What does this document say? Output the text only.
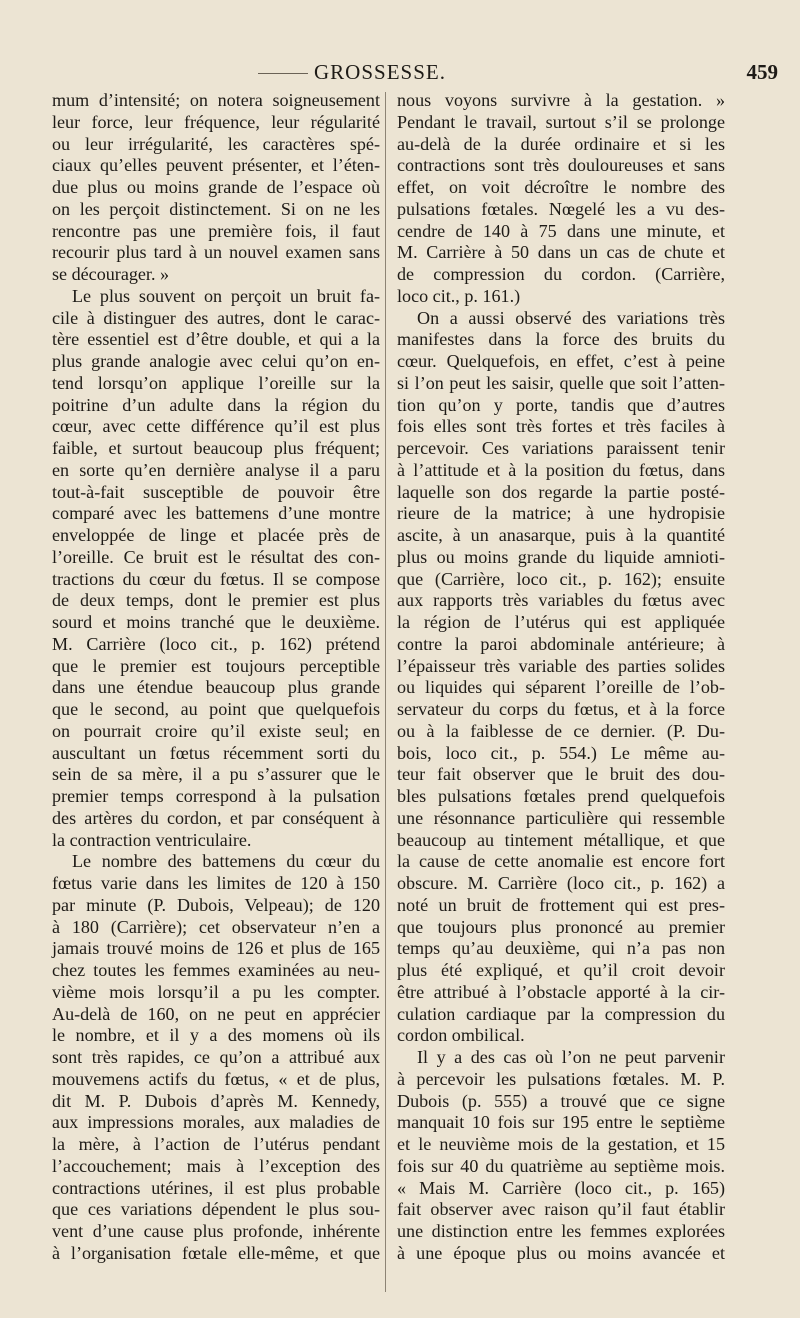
GROSSESSE.	459
mum d’intensité; on notera soigneusement
leur force, leur fréquence, leur régularité
ou leur irrégularité, les caractères spé-
ciaux qu’elles peuvent présenter, et l’éten-
due plus ou moins grande de l’espace où
on les perçoit distinctement. Si on ne les
rencontre pas une première fois, il faut
recourir plus tard à un nouvel examen sans
se décourager. »
Le plus souvent on perçoit un bruit fa-
cile à distinguer des autres, dont le carac-
tère essentiel est d’être double, et qui a la
plus grande analogie avec celui qu’on en-
tend lorsqu’on applique l’oreille sur la
poitrine d’un adulte dans la région du
cœur, avec cette différence qu’il est plus
faible, et surtout beaucoup plus fréquent;
en sorte qu’en dernière analyse il a paru
tout-à-fait susceptible de pouvoir être
comparé avec les battemens d’une montre
enveloppée de linge et placée près de
l’oreille. Ce bruit est le résultat des con-
tractions du cœur du fœtus. Il se compose
de deux temps, dont le premier est plus
sourd et moins tranché que le deuxième.
M. Carrière (loco cit., p. 162) prétend
que le premier est toujours perceptible
dans une étendue beaucoup plus grande
que le second, au point que quelquefois
on pourrait croire qu’il existe seul; en
auscultant un fœtus récemment sorti du
sein de sa mère, il a pu s’assurer que le
premier temps correspond à la pulsation
des artères du cordon, et par conséquent à
la contraction ventriculaire.
Le nombre des battemens du cœur du
fœtus varie dans les limites de 120 à 150
par minute (P. Dubois, Velpeau); de 120
à 180 (Carrière); cet observateur n’en a
jamais trouvé moins de 126 et plus de 165
chez toutes les femmes examinées au neu-
vième mois lorsqu’il a pu les compter.
Au-delà de 160, on ne peut en apprécier
le nombre, et il y a des momens où ils
sont très rapides, ce qu’on a attribué aux
mouvemens actifs du fœtus, « et de plus,
dit M. P. Dubois d’après M. Kennedy,
aux impressions morales, aux maladies de
la mère, à l’action de l’utérus pendant
l’accouchement; mais à l’exception des
contractions utérines, il est plus probable
que ces variations dépendent le plus sou-
vent d’une cause plus profonde, inhérente
à l’organisation fœtale elle-même, et que
nous voyons survivre à la gestation. »
Pendant le travail, surtout s’il se prolonge
au-delà de la durée ordinaire et si les
contractions sont très douloureuses et sans
effet, on voit décroître le nombre des
pulsations fœtales. Nœgelé les a vu des-
cendre de 140 à 75 dans une minute, et
M. Carrière à 50 dans un cas de chute et
de compression du cordon. (Carrière,
loco cit., p. 161.)
On a aussi observé des variations très
manifestes dans la force des bruits du
cœur. Quelquefois, en effet, c’est à peine
si l’on peut les saisir, quelle que soit l’atten-
tion qu’on y porte, tandis que d’autres
fois elles sont très fortes et très faciles à
percevoir. Ces variations paraissent tenir
à l’attitude et à la position du fœtus, dans
laquelle son dos regarde la partie posté-
rieure de la matrice; à une hydropisie
ascite, à un anasarque, puis à la quantité
plus ou moins grande du liquide amnioti-
que (Carrière, loco cit., p. 162); ensuite
aux rapports très variables du fœtus avec
la région de l’utérus qui est appliquée
contre la paroi abdominale antérieure; à
l’épaisseur très variable des parties solides
ou liquides qui séparent l’oreille de l’ob-
servateur du corps du fœtus, et à la force
ou à la faiblesse de ce dernier. (P. Du-
bois, loco cit., p. 554.) Le même au-
teur fait observer que le bruit des dou-
bles pulsations fœtales prend quelquefois
une résonnance particulière qui ressemble
beaucoup au tintement métallique, et que
la cause de cette anomalie est encore fort
obscure. M. Carrière (loco cit., p. 162) a
noté un bruit de frottement qui est pres-
que toujours plus prononcé au premier
temps qu’au deuxième, qui n’a pas non
plus été expliqué, et qu’il croit devoir
être attribué à l’obstacle apporté à la cir-
culation cardiaque par la compression du
cordon ombilical.
Il y a des cas où l’on ne peut parvenir
à percevoir les pulsations fœtales. M. P.
Dubois (p. 555) a trouvé que ce signe
manquait 10 fois sur 195 entre le septième
et le neuvième mois de la gestation, et 15
fois sur 40 du quatrième au septième mois.
« Mais M. Carrière (loco cit., p. 165)
fait observer avec raison qu’il faut établir
une distinction entre les femmes explorées
à une époque plus ou moins avancée et
